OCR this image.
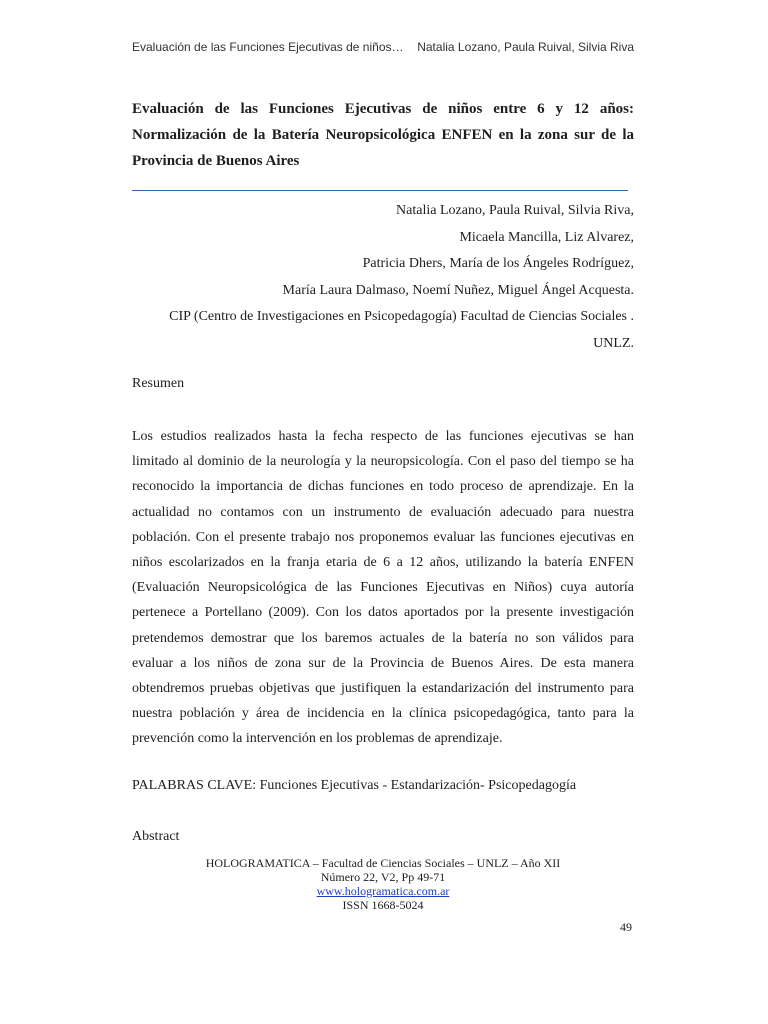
Evaluación de las Funciones Ejecutivas de niños… Natalia Lozano, Paula Ruival, Silvia Riva
Evaluación de las Funciones Ejecutivas de niños entre 6 y 12 años: Normalización de la Batería Neuropsicológica ENFEN en la zona sur de la Provincia de Buenos Aires
Natalia Lozano, Paula Ruival, Silvia Riva,
Micaela Mancilla, Liz Alvarez,
Patricia Dhers, María de los Ángeles Rodríguez,
María Laura Dalmaso, Noemí Nuñez, Miguel Ángel Acquesta.
CIP (Centro de Investigaciones en Psicopedagogía) Facultad de Ciencias Sociales .
UNLZ.
Resumen

Los estudios realizados hasta la fecha respecto de las funciones ejecutivas se han limitado al dominio de la neurología y la neuropsicología. Con el paso del tiempo se ha reconocido la importancia de dichas funciones en todo proceso de aprendizaje. En la actualidad no contamos con un instrumento de evaluación adecuado para nuestra población. Con el presente trabajo nos proponemos evaluar las funciones ejecutivas en niños escolarizados en la franja etaria de 6 a 12 años, utilizando la batería ENFEN (Evaluación Neuropsicológica de las Funciones Ejecutivas en Niños) cuya autoría pertenece a Portellano (2009). Con los datos aportados por la presente investigación pretendemos demostrar que los baremos actuales de la batería no son válidos para evaluar a los niños de zona sur de la Provincia de Buenos Aires. De esta manera obtendremos pruebas objetivas que justifiquen la estandarización del instrumento para nuestra población y área de incidencia en la clínica psicopedagógica, tanto para la prevención como la intervención en los problemas de aprendizaje.

PALABRAS CLAVE: Funciones Ejecutivas - Estandarización- Psicopedagogía

Abstract
HOLOGRAMATICA – Facultad de Ciencias Sociales – UNLZ – Año XII
Número 22, V2, Pp 49-71
www.hologramatica.com.ar
ISSN 1668-5024
49
